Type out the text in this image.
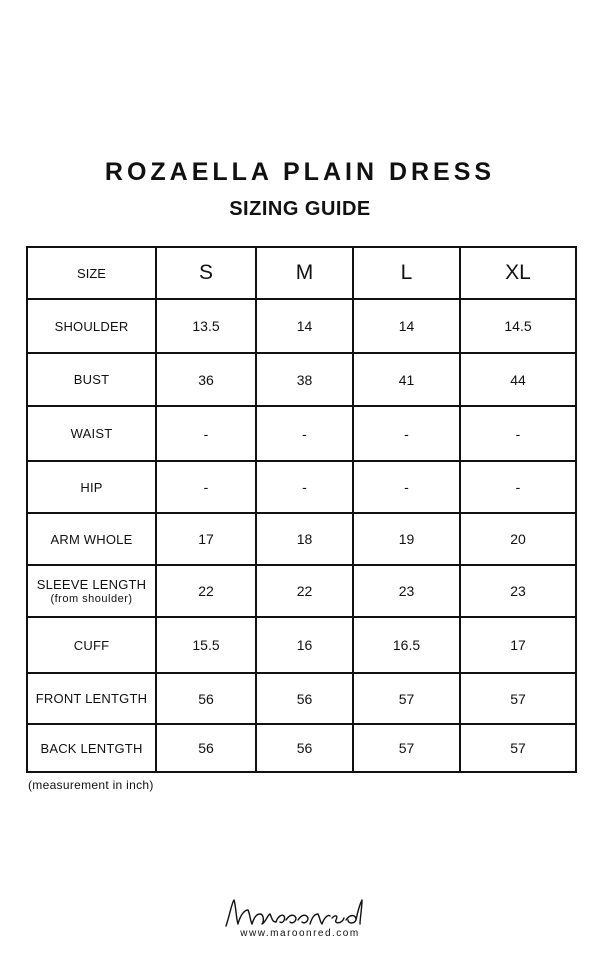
ROZAELLA PLAIN DRESS
SIZING GUIDE
SIZE	S	M	L	XL
SHOULDER	13.5	14	14	14.5
BUST	36	38	41	44
WAIST	-	-	-	-
HIP	-	-	-	-
ARM WHOLE	17	18	19	20
SLEEVE LENGTH
(from shoulder)	22	22	23	23
CUFF	15.5	16	16.5	17
FRONT LENTGTH	56	56	57	57
BACK LENTGTH	56	56	57	57
(measurement in inch)
www.maroonred.com
